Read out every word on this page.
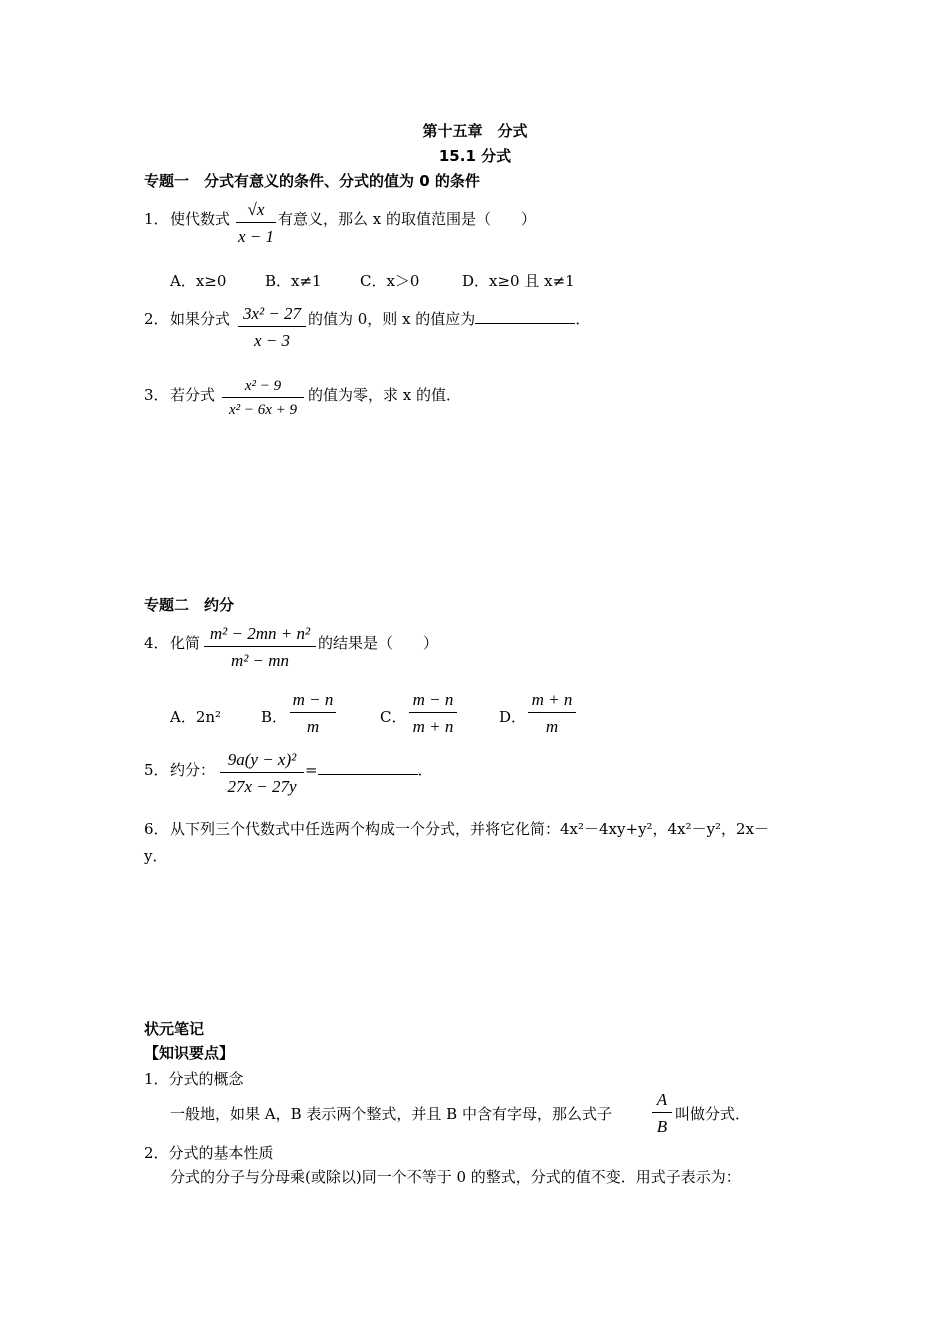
第十五章　分式
15.1 分式
专题一　分式有意义的条件、分式的值为 0 的条件
1． 使代数式	√x
x − 1
有意义，那么 x 的取值范围是（　　）
A．x≥0	B．x≠1	C．x＞0	D．x≥0 且 x≠1
2． 如果分式 3x² − 27
x − 3
的值为 0，则 x 的值应为	．
3． 若分式	x² − 9
x² − 6x + 9
的值为零，求 x 的值．
专题二　约分
4． 化简 m² − 2mn + n²
m² − mn
的结果是（　　）
A．2n²	B．
m − n
m	C．
m − n
m + n	D．
m + n
m
5． 约分：
9a(y − x)²
27x − 27y
=	．
6． 从下列三个代数式中任选两个构成一个分式，并将它化简：4x²－4xy+y²，4x²－y²，2x－
y．
状元笔记
【知识要点】
1．分式的概念
一般地，如果 A，B 表示两个整式，并且 B 中含有字母，那么式子
A
B
叫做分式．
2．分式的基本性质
分式的分子与分母乘(或除以)同一个不等于 0 的整式，分式的值不变．用式子表示为：
